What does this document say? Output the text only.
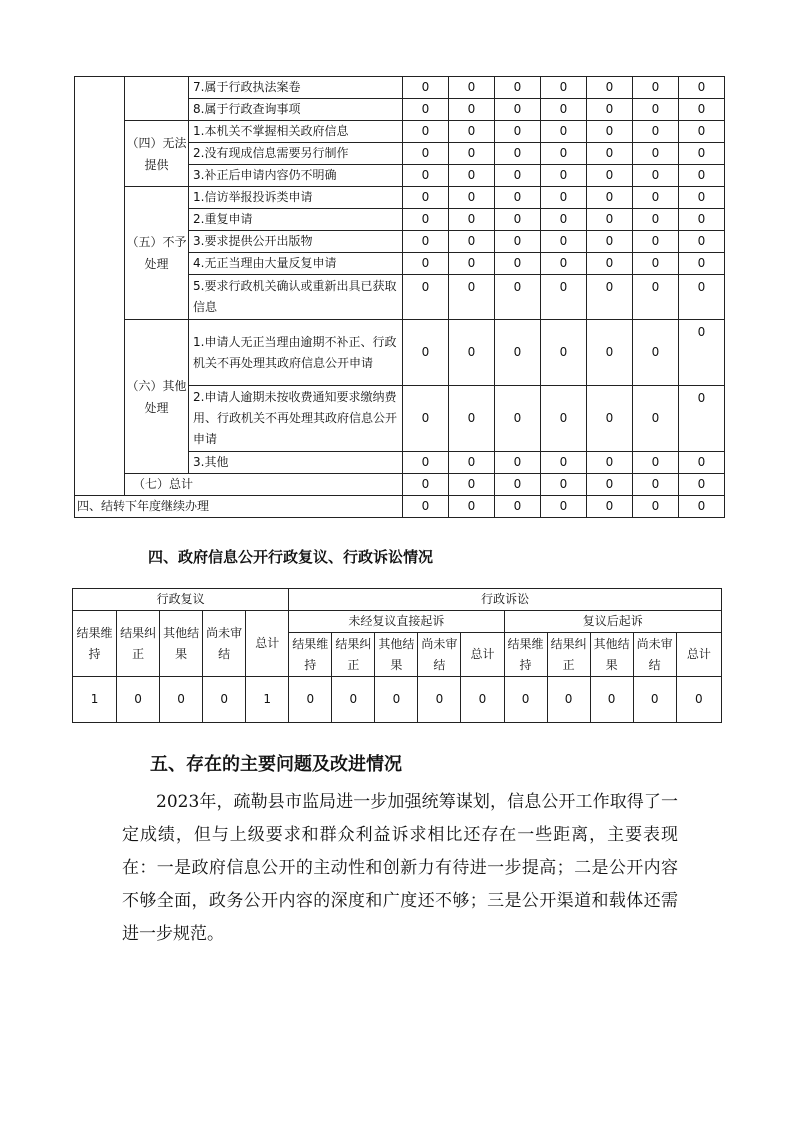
		7.属于行政执法案卷	0	0	0	0	0	0	0
		8.属于行政查询事项	0	0	0	0	0	0	0
	（四）无法提供	1.本机关不掌握相关政府信息	0	0	0	0	0	0	0
		2.没有现成信息需要另行制作	0	0	0	0	0	0	0
		3.补正后申请内容仍不明确	0	0	0	0	0	0	0
	（五）不予处理	1.信访举报投诉类申请	0	0	0	0	0	0	0
		2.重复申请	0	0	0	0	0	0	0
		3.要求提供公开出版物	0	0	0	0	0	0	0
		4.无正当理由大量反复申请	0	0	0	0	0	0	0
		5.要求行政机关确认或重新出具已获取信息	0	0	0	0	0	0	0
	（六）其他处理	1.申请人无正当理由逾期不补正、行政机关不再处理其政府信息公开申请	0	0	0	0	0	0	0
		2.申请人逾期未按收费通知要求缴纳费用、行政机关不再处理其政府信息公开申请	0	0	0	0	0	0	0
		3.其他	0	0	0	0	0	0	0
	（七）总计		0	0	0	0	0	0	0
四、结转下年度继续办理			0	0	0	0	0	0	0
四、政府信息公开行政复议、行政诉讼情况
行政复议					行政诉讼									
结果维持	结果纠正	其他结果	尚未审结	总计	未经复议直接起诉					复议后起诉				
					结果维持	结果纠正	其他结果	尚未审结	总计	结果维持	结果纠正	其他结果	尚未审结	总计
1	0	0	0	1	0	0	0	0	0	0	0	0	0	0
五、存在的主要问题及改进情况

2023年，疏勒县市监局进一步加强统筹谋划，信息公开工作取得了一定成绩，但与上级要求和群众利益诉求相比还存在一些距离，主要表现在：一是政府信息公开的主动性和创新力有待进一步提高；二是公开内容不够全面，政务公开内容的深度和广度还不够；三是公开渠道和载体还需进一步规范。
